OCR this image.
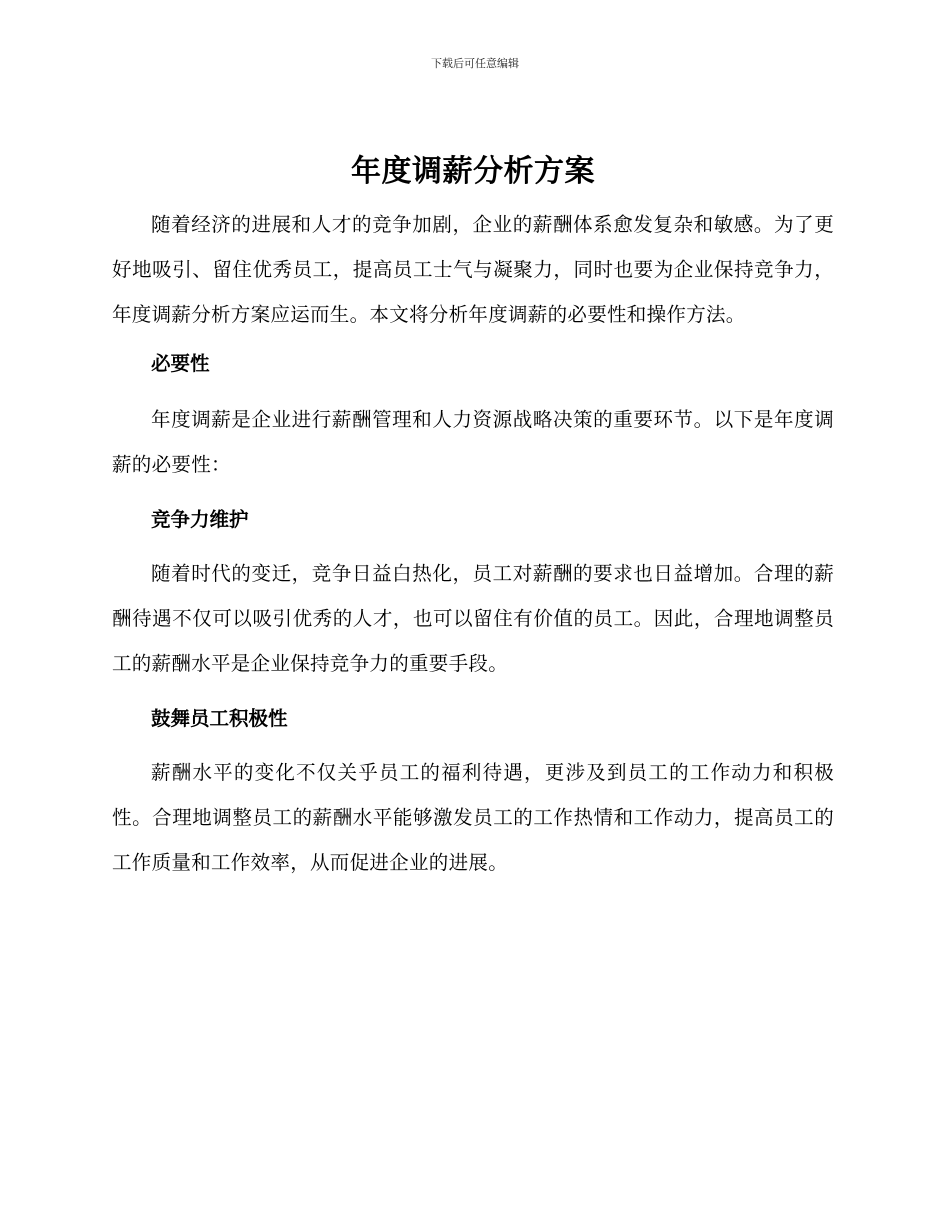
下载后可任意编辑
年度调薪分析方案

随着经济的进展和人才的竞争加剧，企业的薪酬体系愈发复杂和敏感。为了更好地吸引、留住优秀员工，提高员工士气与凝聚力，同时也要为企业保持竞争力，年度调薪分析方案应运而生。本文将分析年度调薪的必要性和操作方法。

必要性

年度调薪是企业进行薪酬管理和人力资源战略决策的重要环节。以下是年度调薪的必要性：

竞争力维护

随着时代的变迁，竞争日益白热化，员工对薪酬的要求也日益增加。合理的薪酬待遇不仅可以吸引优秀的人才，也可以留住有价值的员工。因此，合理地调整员工的薪酬水平是企业保持竞争力的重要手段。

鼓舞员工积极性

薪酬水平的变化不仅关乎员工的福利待遇，更涉及到员工的工作动力和积极性。合理地调整员工的薪酬水平能够激发员工的工作热情和工作动力，提高员工的工作质量和工作效率，从而促进企业的进展。
